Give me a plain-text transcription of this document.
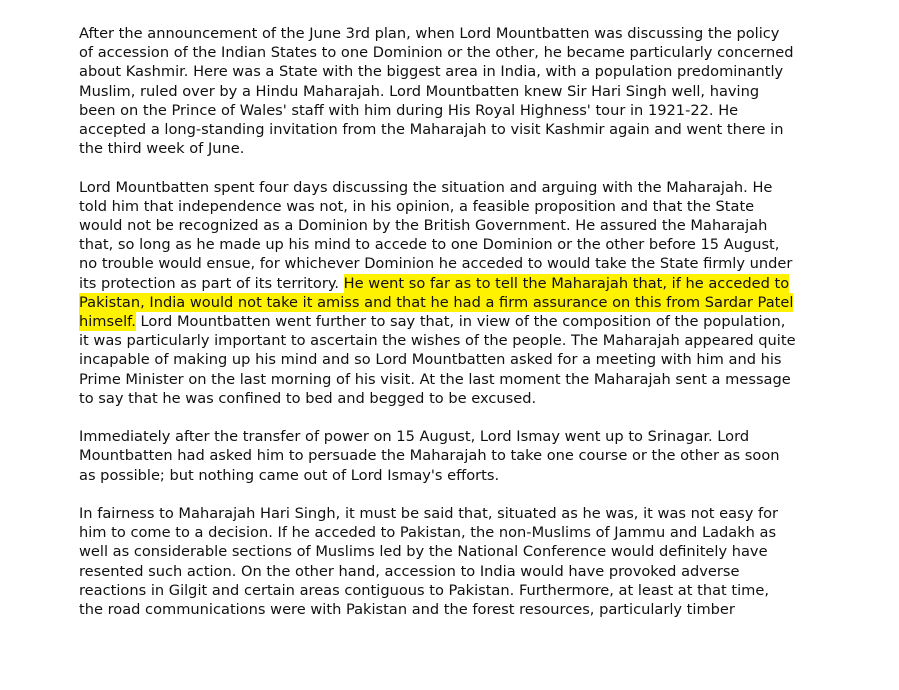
After the announcement of the June 3rd plan, when Lord Mountbatten was discussing the policy of accession of the Indian States to one Dominion or the other, he became particularly concerned about Kashmir. Here was a State with the biggest area in India, with a population predominantly Muslim, ruled over by a Hindu Maharajah. Lord Mountbatten knew Sir Hari Singh well, having been on the Prince of Wales' staff with him during His Royal Highness' tour in 1921-22. He accepted a long-standing invitation from the Maharajah to visit Kashmir again and went there in the third week of June.

Lord Mountbatten spent four days discussing the situation and arguing with the Maharajah. He told him that independence was not, in his opinion, a feasible proposition and that the State would not be recognized as a Dominion by the British Government. He assured the Maharajah that, so long as he made up his mind to accede to one Dominion or the other before 15 August, no trouble would ensue, for whichever Dominion he acceded to would take the State firmly under its protection as part of its territory. He went so far as to tell the Maharajah that, if he acceded to Pakistan, India would not take it amiss and that he had a firm assurance on this from Sardar Patel himself. Lord Mountbatten went further to say that, in view of the composition of the population, it was particularly important to ascertain the wishes of the people. The Maharajah appeared quite incapable of making up his mind and so Lord Mountbatten asked for a meeting with him and his Prime Minister on the last morning of his visit. At the last moment the Maharajah sent a message to say that he was confined to bed and begged to be excused.

Immediately after the transfer of power on 15 August, Lord Ismay went up to Srinagar. Lord Mountbatten had asked him to persuade the Maharajah to take one course or the other as soon as possible; but nothing came out of Lord Ismay's efforts.

In fairness to Maharajah Hari Singh, it must be said that, situated as he was, it was not easy for him to come to a decision. If he acceded to Pakistan, the non-Muslims of Jammu and Ladakh as well as considerable sections of Muslims led by the National Conference would definitely have resented such action. On the other hand, accession to India would have provoked adverse reactions in Gilgit and certain areas contiguous to Pakistan. Furthermore, at least at that time, the road communications were with Pakistan and the forest resources, particularly timber
